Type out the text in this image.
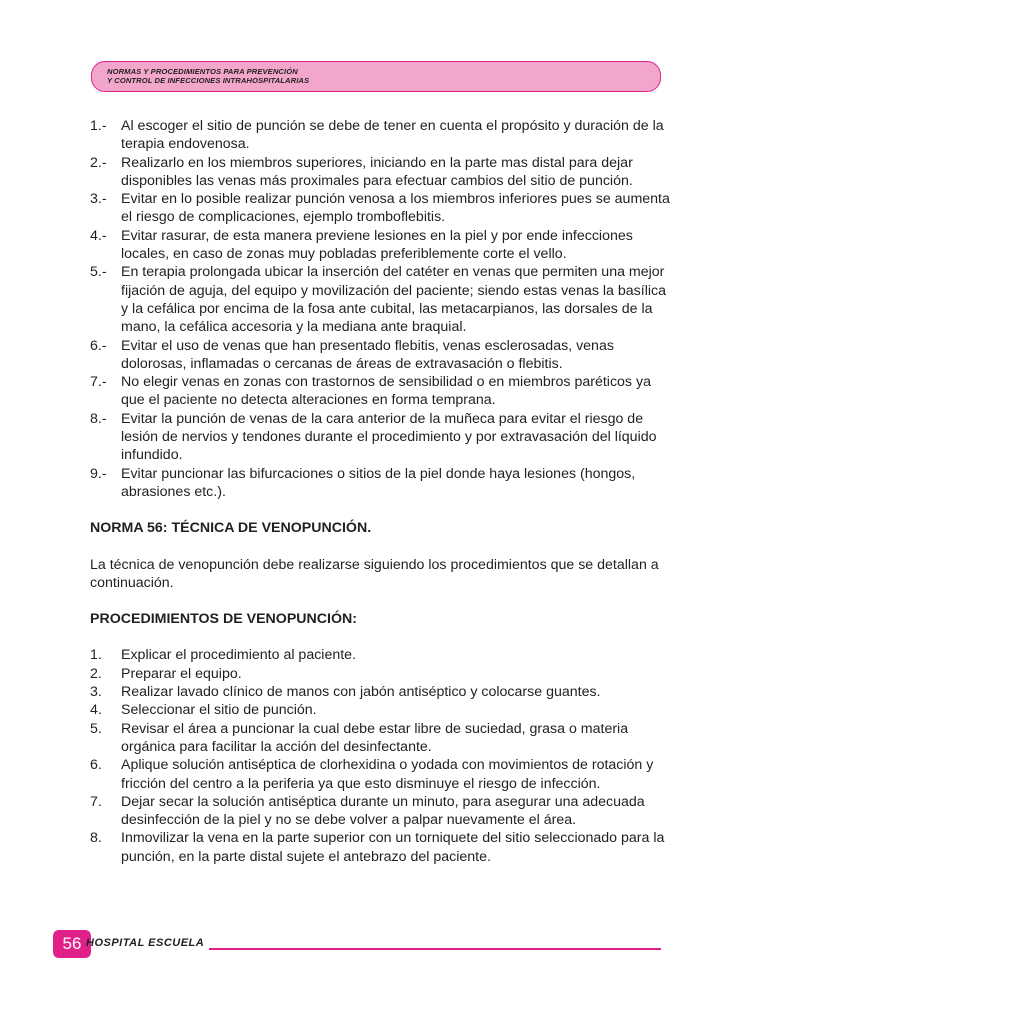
NORMAS Y PROCEDIMIENTOS PARA PREVENCIÓN
Y CONTROL DE INFECCIONES INTRAHOSPITALARIAS
1.- Al escoger el sitio de punción se debe de tener en cuenta el propósito y duración de la terapia endovenosa.
2.- Realizarlo en los miembros superiores, iniciando en la parte mas distal para dejar disponibles las venas más proximales para efectuar cambios del sitio de punción.
3.- Evitar en lo posible realizar punción venosa a los miembros inferiores pues se aumenta el riesgo de complicaciones, ejemplo tromboflebitis.
4.- Evitar rasurar, de esta manera previene lesiones en la piel y por ende infecciones locales, en caso de zonas muy pobladas preferiblemente corte el vello.
5.- En terapia prolongada ubicar la inserción del catéter en venas que permiten una mejor fijación de aguja, del equipo y movilización del paciente; siendo estas venas la basílica y la cefálica por encima de la fosa ante cubital, las metacarpianos, las dorsales de la mano, la cefálica accesoria y la mediana ante braquial.
6.- Evitar el uso de venas que han presentado flebitis, venas esclerosadas, venas dolorosas, inflamadas o cercanas de áreas de extravasación o flebitis.
7.- No elegir venas en zonas con trastornos de sensibilidad o en miembros paréticos ya que el paciente no detecta alteraciones en forma temprana.
8.- Evitar la punción de venas de la cara anterior de la muñeca para evitar el riesgo de lesión de nervios y tendones durante el procedimiento y por extravasación del líquido infundido.
9.- Evitar puncionar las bifurcaciones o sitios de la piel donde haya lesiones (hongos, abrasiones etc.).
NORMA 56: TÉCNICA DE VENOPUNCIÓN.
La técnica de venopunción debe realizarse siguiendo los procedimientos que se detallan a continuación.
PROCEDIMIENTOS DE VENOPUNCIÓN:
1. Explicar el procedimiento al paciente.
2. Preparar el equipo.
3. Realizar lavado clínico de manos con jabón antiséptico y colocarse guantes.
4. Seleccionar el sitio de punción.
5. Revisar el área a puncionar la cual debe estar libre de suciedad, grasa o materia orgánica para facilitar la acción del desinfectante.
6. Aplique solución antiséptica de clorhexidina o yodada con movimientos de rotación y fricción del centro a la periferia ya que esto disminuye el riesgo de infección.
7. Dejar secar la solución antiséptica durante un minuto, para asegurar una adecuada desinfección de la piel y no se debe volver a palpar nuevamente el área.
8. Inmovilizar la vena en la parte superior con un torniquete del sitio seleccionado para la punción, en la parte distal sujete el antebrazo del paciente.
56 HOSPITAL ESCUELA
